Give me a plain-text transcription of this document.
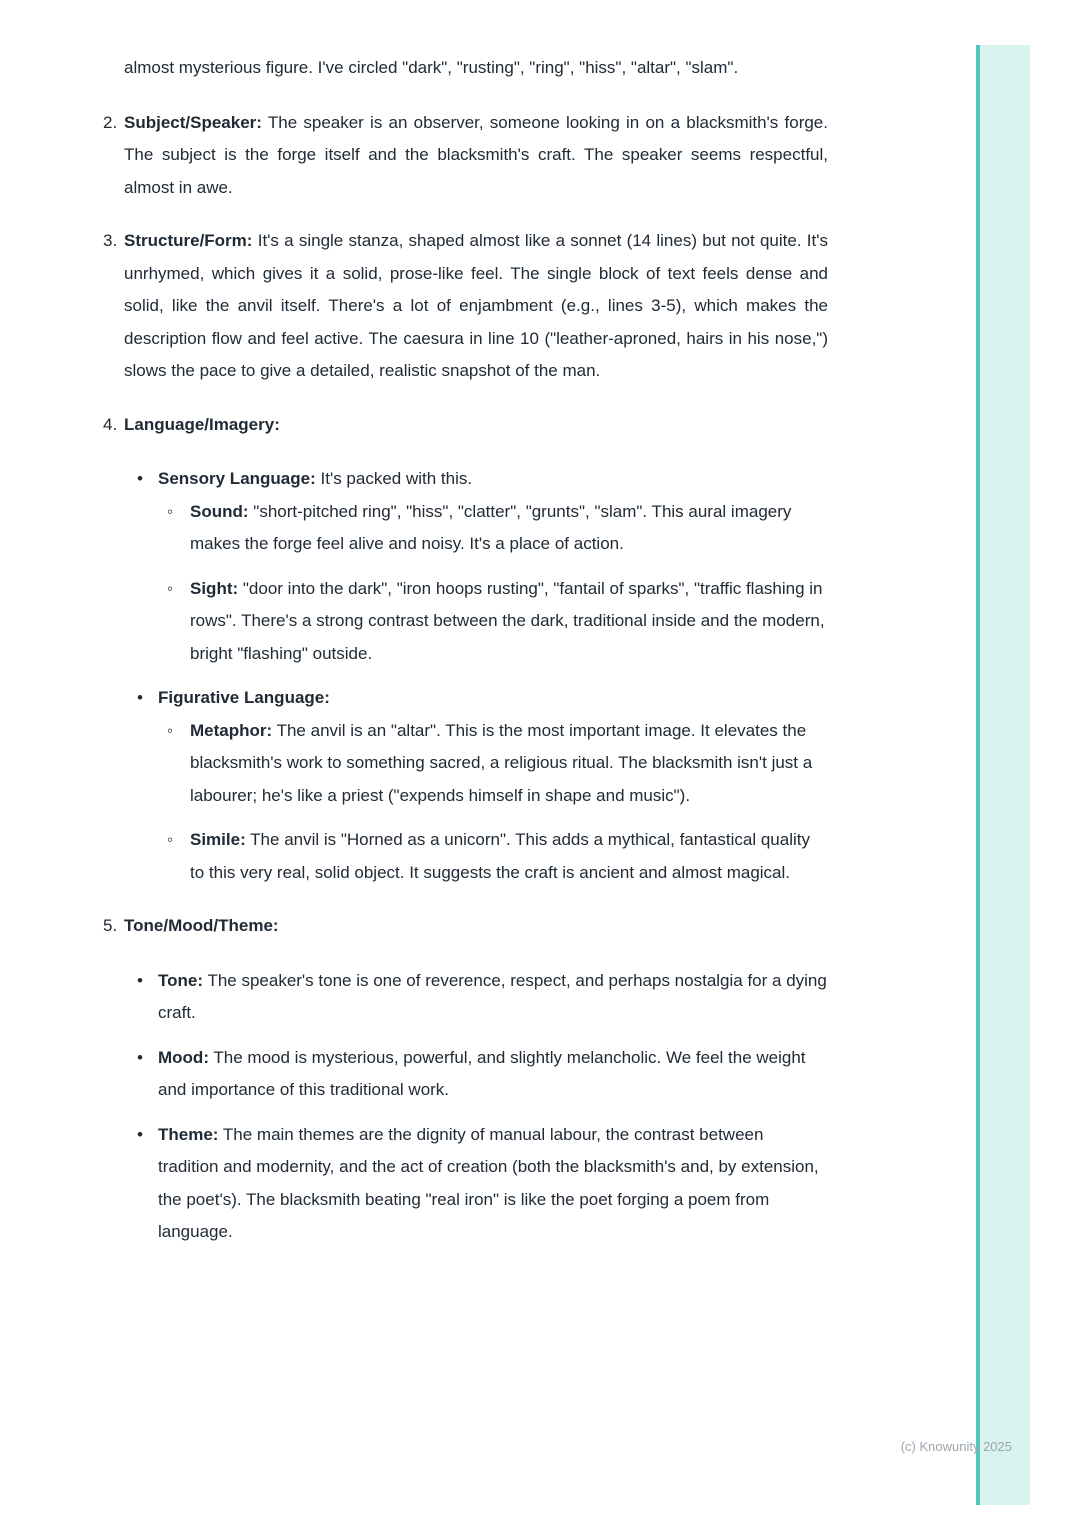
almost mysterious figure. I've circled "dark", "rusting", "ring", "hiss", "altar", "slam".

2. Subject/Speaker: The speaker is an observer, someone looking in on a blacksmith's forge. The subject is the forge itself and the blacksmith's craft. The speaker seems respectful, almost in awe.

3. Structure/Form: It's a single stanza, shaped almost like a sonnet (14 lines) but not quite. It's unrhymed, which gives it a solid, prose-like feel. The single block of text feels dense and solid, like the anvil itself. There's a lot of enjambment (e.g., lines 3-5), which makes the description flow and feel active. The caesura in line 10 ("leather-aproned, hairs in his nose,") slows the pace to give a detailed, realistic snapshot of the man.

4. Language/Imagery:

• Sensory Language: It's packed with this.

◦ Sound: "short-pitched ring", "hiss", "clatter", "grunts", "slam". This aural imagery makes the forge feel alive and noisy. It's a place of action.

◦ Sight: "door into the dark", "iron hoops rusting", "fantail of sparks", "traffic flashing in rows". There's a strong contrast between the dark, traditional inside and the modern, bright "flashing" outside.

• Figurative Language:

◦ Metaphor: The anvil is an "altar". This is the most important image. It elevates the blacksmith's work to something sacred, a religious ritual. The blacksmith isn't just a labourer; he's like a priest ("expends himself in shape and music").

◦ Simile: The anvil is "Horned as a unicorn". This adds a mythical, fantastical quality to this very real, solid object. It suggests the craft is ancient and almost magical.

5. Tone/Mood/Theme:

• Tone: The speaker's tone is one of reverence, respect, and perhaps nostalgia for a dying craft.

• Mood: The mood is mysterious, powerful, and slightly melancholic. We feel the weight and importance of this traditional work.

• Theme: The main themes are the dignity of manual labour, the contrast between tradition and modernity, and the act of creation (both the blacksmith's and, by extension, the poet's). The blacksmith beating "real iron" is like the poet forging a poem from language.

(c) Knowunity 2025
